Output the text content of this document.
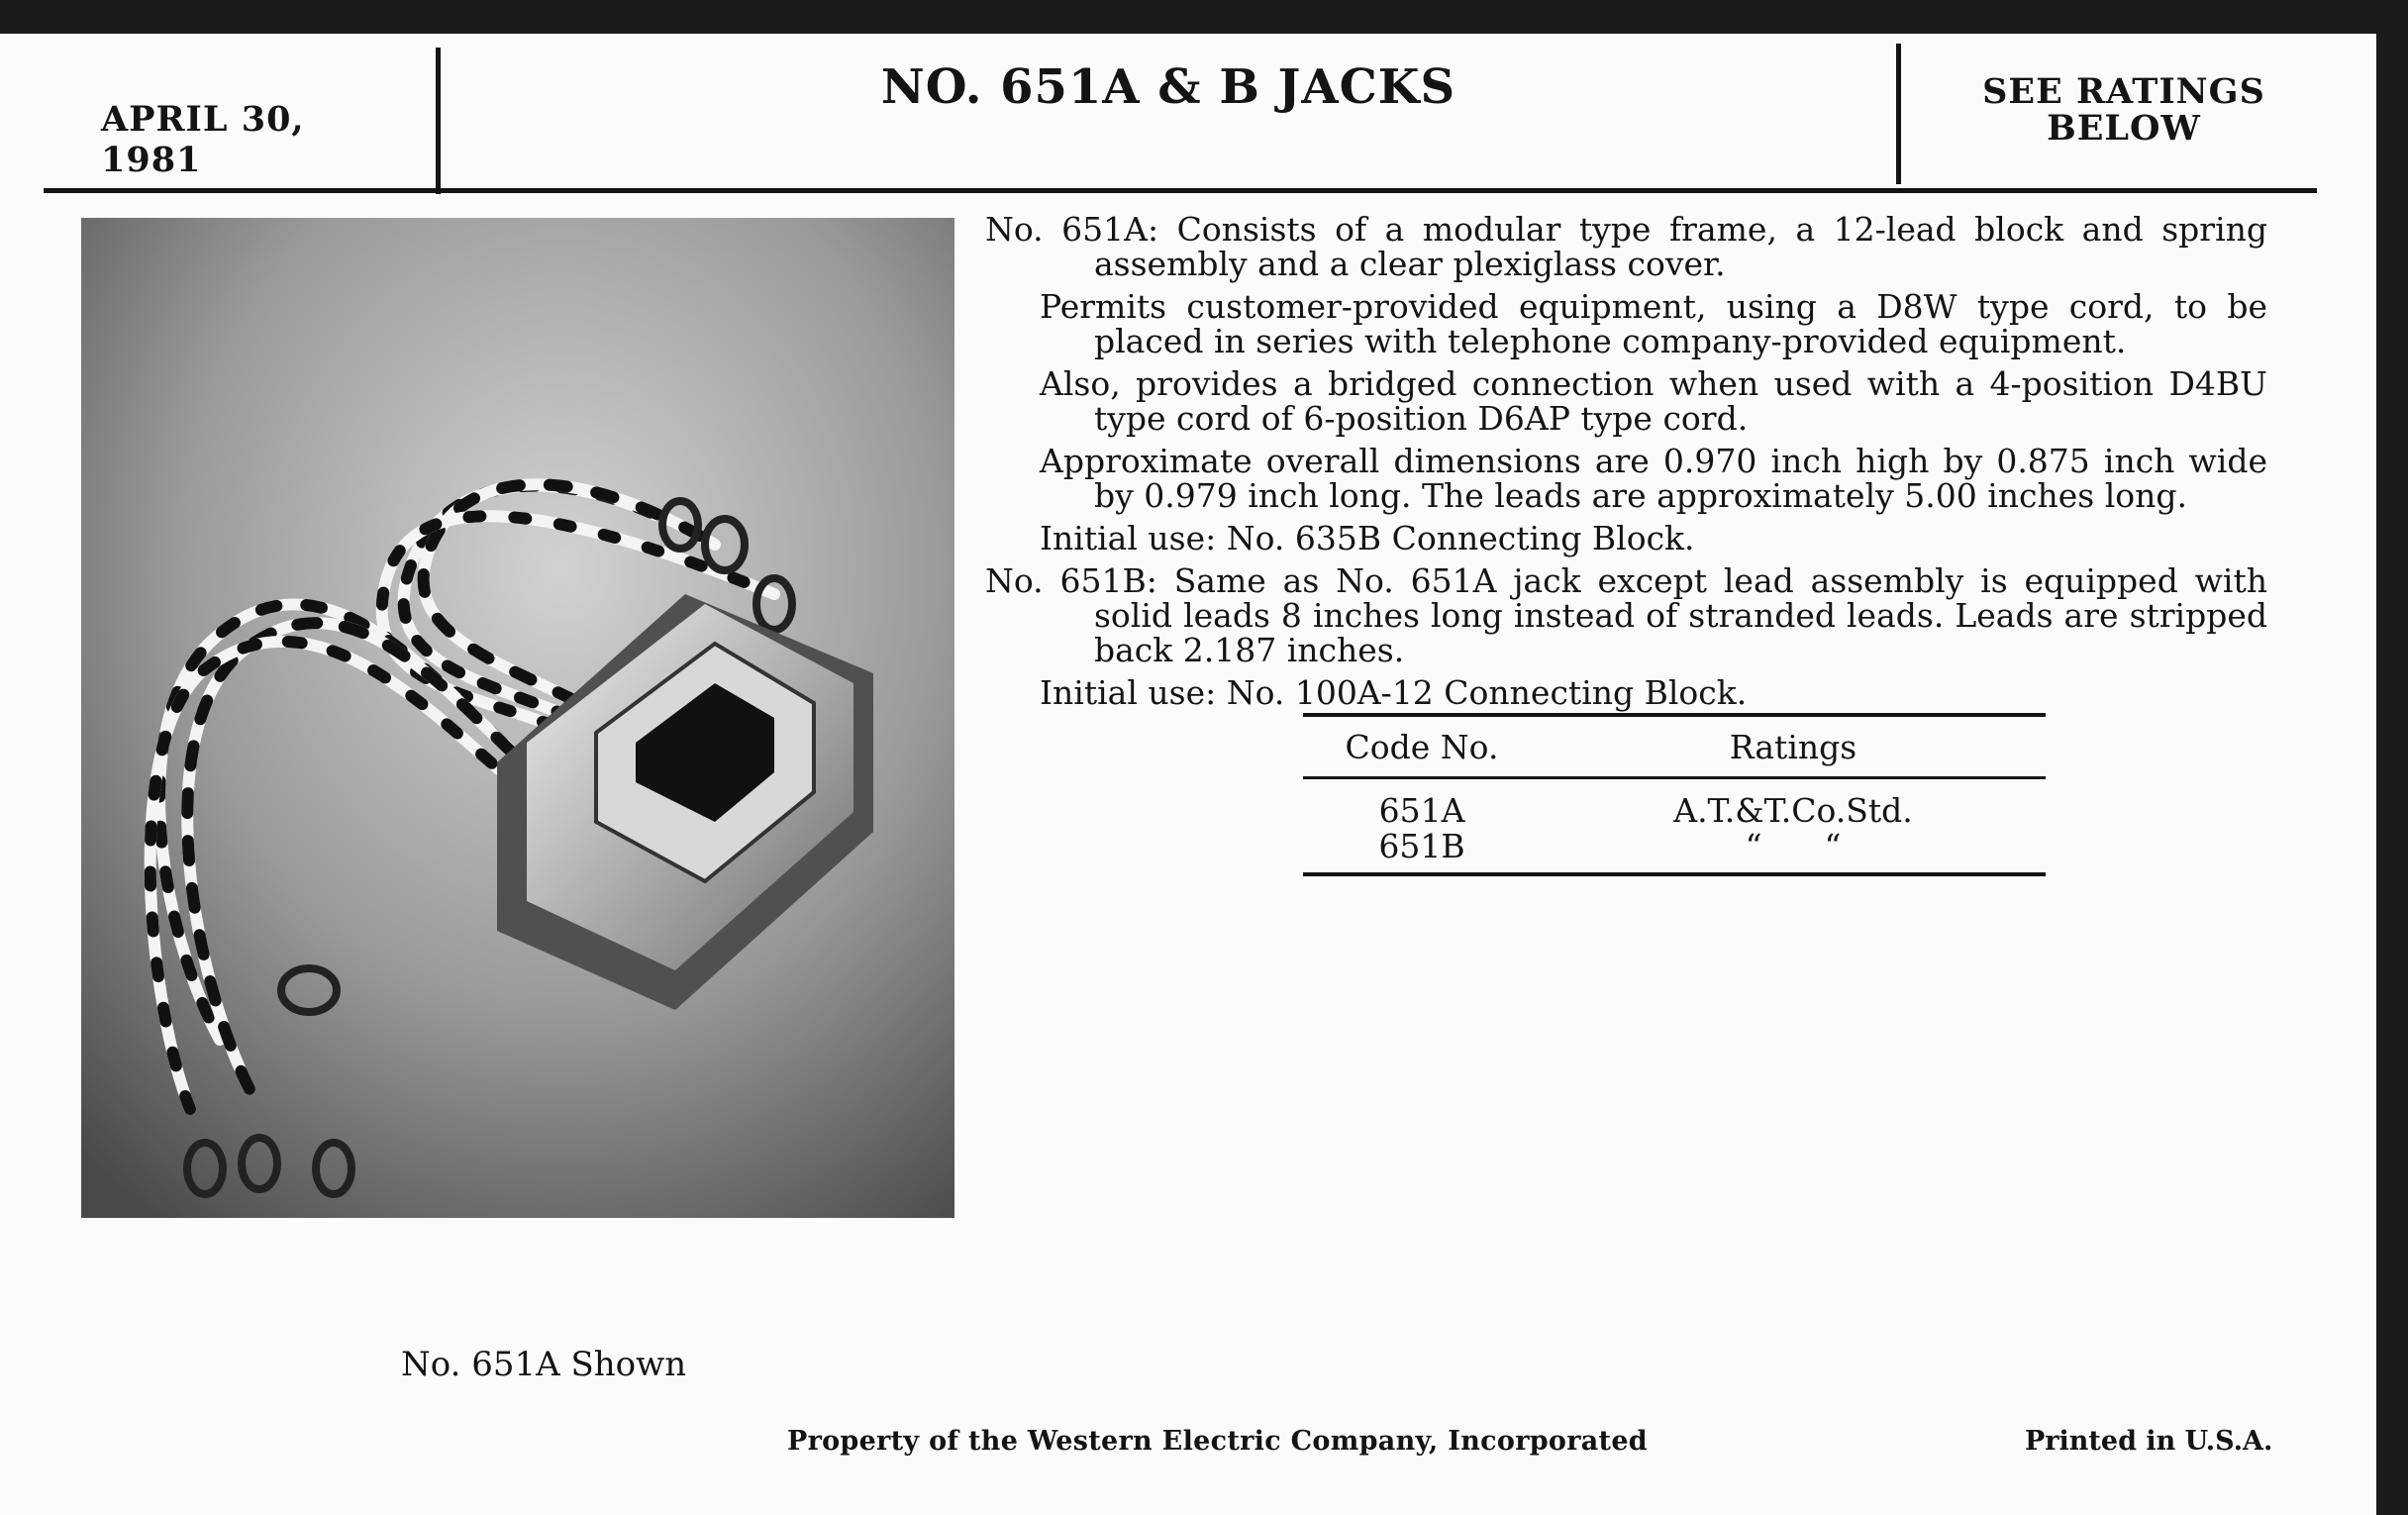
APRIL 30, 1981
NO. 651A & B JACKS	SEE RATINGS
BELOW
No. 651A Shown

No. 651A: Consists of a modular type frame, a 12-lead block and spring assembly and a clear plexiglass cover.

Permits customer-provided equipment, using a D8W type cord, to be placed in series with telephone company-provided equipment.

Also, provides a bridged connection when used with a 4-position D4BU type cord of 6-position D6AP type cord.

Approximate overall dimensions are 0.970 inch high by 0.875 inch wide by 0.979 inch long. The leads are approximately 5.00 inches long.

Initial use: No. 635B Connecting Block.

No. 651B: Same as No. 651A jack except lead assembly is equipped with solid leads 8 inches long instead of stranded leads. Leads are stripped back 2.187 inches.

Initial use: No. 100A-12 Connecting Block.

Code No.	Ratings
651A	A.T.&T.Co.Std.
651B	“      “
Property of the Western Electric Company, Incorporated	Printed in U.S.A.
